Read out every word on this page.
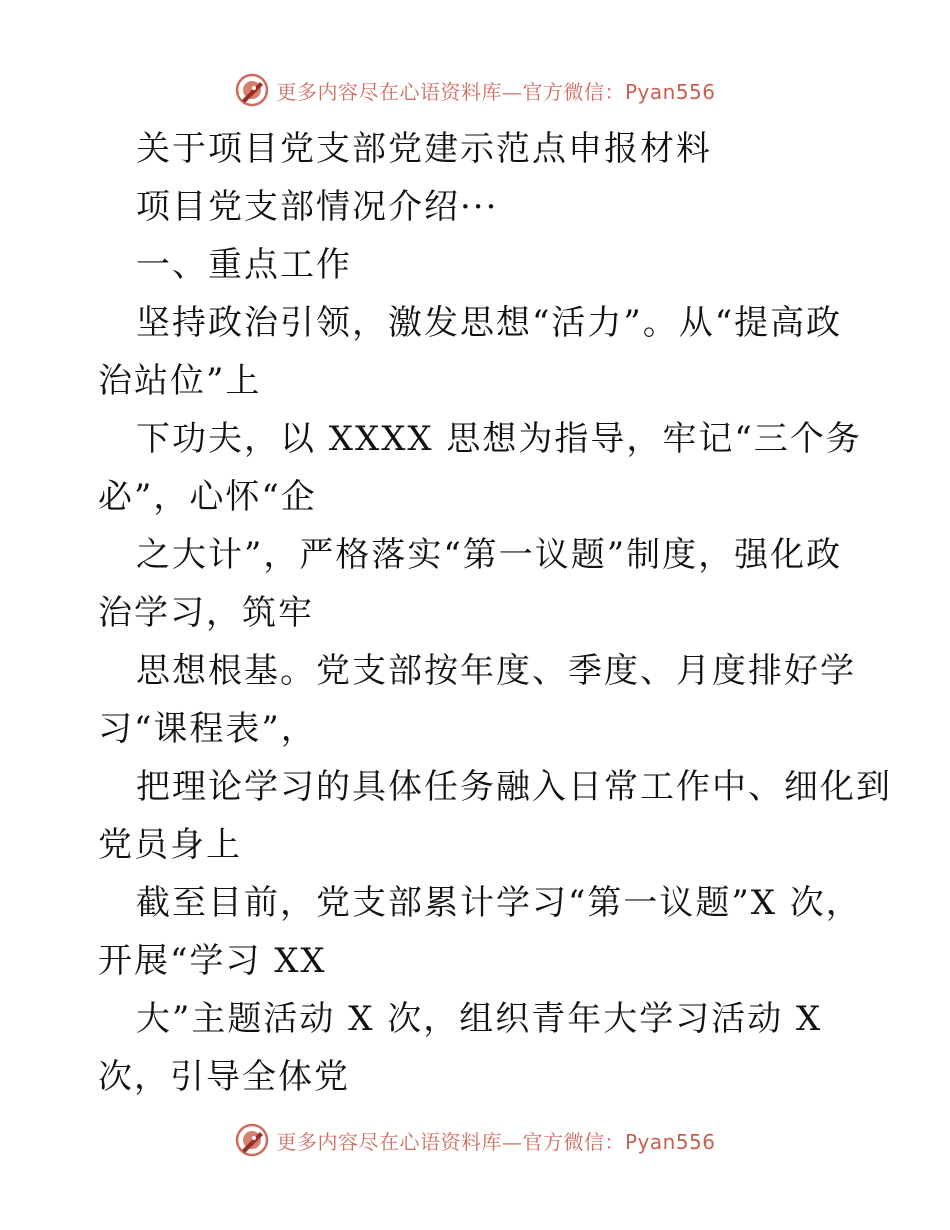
更多内容尽在心语资料库—官方微信：Pyan556
关于项目党支部党建示范点申报材料
项目党支部情况介绍···
一、重点工作
坚持政治引领，激发思想“活力”。从“提高政
治站位”上
下功夫，以 XXXX 思想为指导，牢记“三个务
必”，心怀“企
之大计”，严格落实“第一议题”制度，强化政
治学习，筑牢
思想根基。党支部按年度、季度、月度排好学
习“课程表”，
把理论学习的具体任务融入日常工作中、细化到
党员身上
截至目前，党支部累计学习“第一议题”X 次，
开展“学习 XX
大”主题活动 X 次，组织青年大学习活动 X
次，引导全体党
更多内容尽在心语资料库—官方微信：Pyan556
